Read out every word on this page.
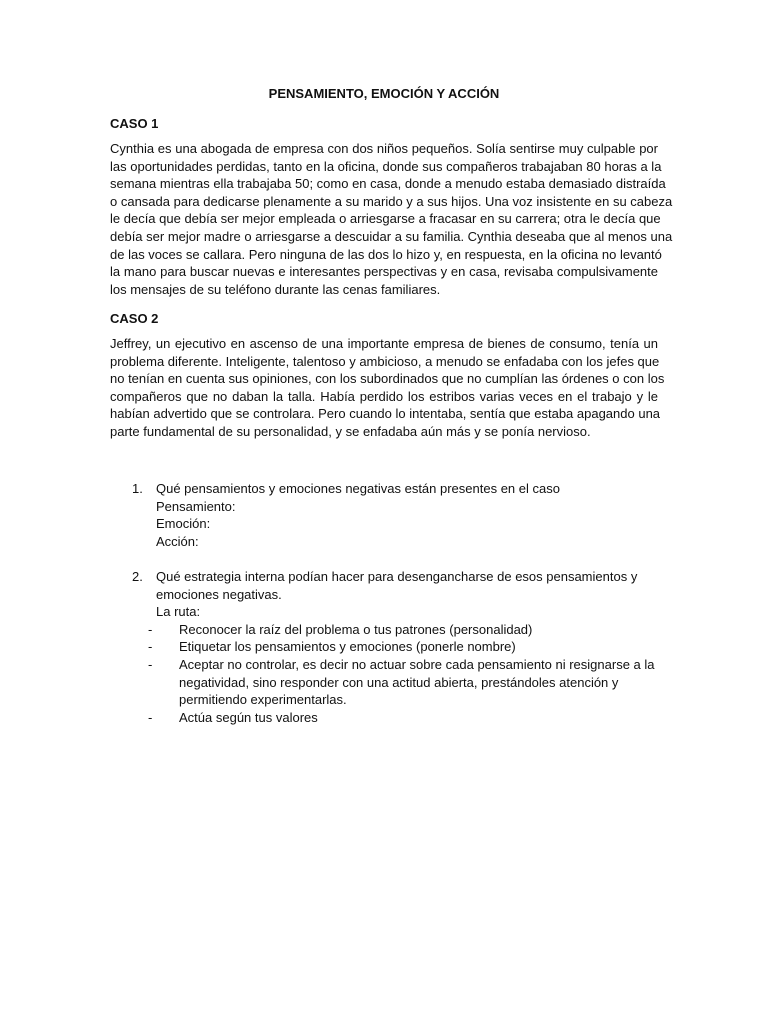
PENSAMIENTO, EMOCIÓN Y ACCIÓN
CASO 1
Cynthia es una abogada de empresa con dos niños pequeños. Solía sentirse muy culpable por
las oportunidades perdidas, tanto en la oficina, donde sus compañeros trabajaban 80 horas a la
semana mientras ella trabajaba 50; como en casa, donde a menudo estaba demasiado distraída
o cansada para dedicarse plenamente a su marido y a sus hijos. Una voz insistente en su cabeza
le decía que debía ser mejor empleada o arriesgarse a fracasar en su carrera; otra le decía que
debía ser mejor madre o arriesgarse a descuidar a su familia. Cynthia deseaba que al menos una
de las voces se callara. Pero ninguna de las dos lo hizo y, en respuesta, en la oficina no levantó
la mano para buscar nuevas e interesantes perspectivas y en casa, revisaba compulsivamente
los mensajes de su teléfono durante las cenas familiares.
CASO 2
Jeffrey, un ejecutivo en ascenso de una importante empresa de bienes de consumo, tenía un
problema diferente. Inteligente, talentoso y ambicioso, a menudo se enfadaba con los jefes que
no tenían en cuenta sus opiniones, con los subordinados que no cumplían las órdenes o con los
compañeros que no daban la talla. Había perdido los estribos varias veces en el trabajo y le
habían advertido que se controlara. Pero cuando lo intentaba, sentía que estaba apagando una
parte fundamental de su personalidad, y se enfadaba aún más y se ponía nervioso.
1. Qué pensamientos y emociones negativas están presentes en el caso
Pensamiento:
Emoción:
Acción:
2. Qué estrategia interna podían hacer para desengancharse de esos pensamientos y
emociones negativas.
La ruta:
- Reconocer la raíz del problema o tus patrones (personalidad)
- Etiquetar los pensamientos y emociones (ponerle nombre)
- Aceptar no controlar, es decir no actuar sobre cada pensamiento ni resignarse a la
negatividad, sino responder con una actitud abierta, prestándoles atención y
permitiendo experimentarlas.
- Actúa según tus valores
